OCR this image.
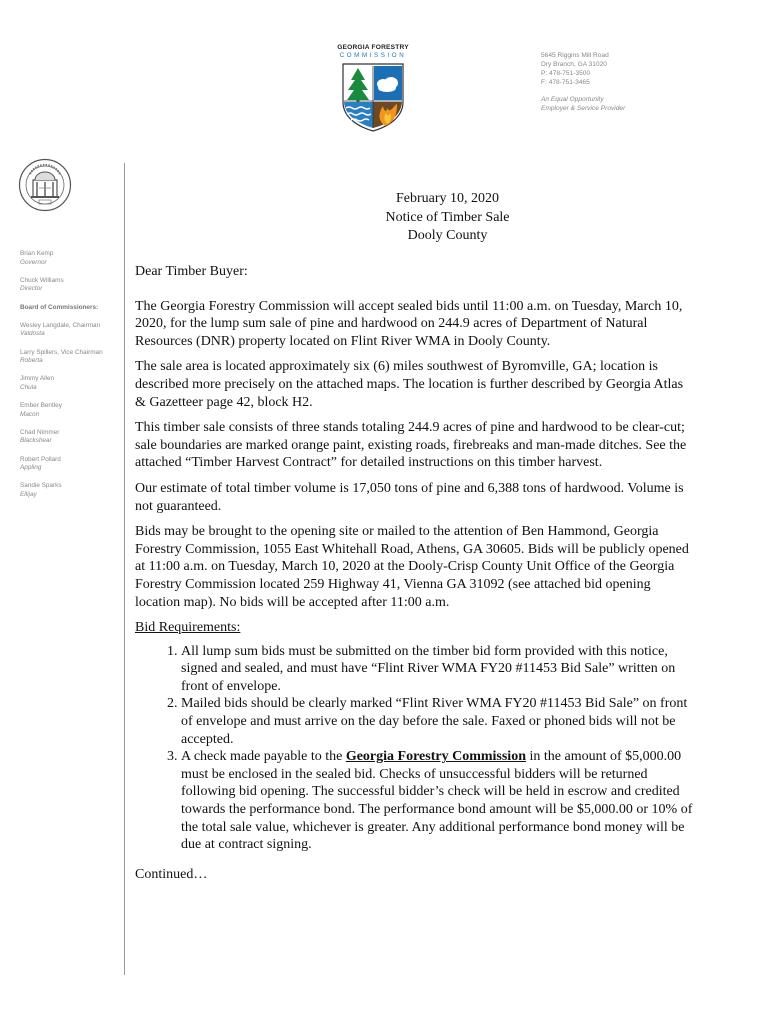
GEORGIA FORESTRY
COMMISSION	5645 Riggins Mill Road
Dry Branch, GA 31020
P: 478-751-3500
F: 478-751-3465
An Equal Opportunity
Employer & Service Provider
Brian Kemp
Governor
Chuck Williams
Director
Board of Commissioners:
Wesley Langdale, Chairman
Valdosta
Larry Spillers, Vice Chairman
Roberta
Jimmy Allen
Chula
Ember Bentley
Macon
Chad Nimmer
Blackshear
Robert Pollard
Appling
Sandie Sparks
Ellijay
February 10, 2020
Notice of Timber Sale
Dooly County

Dear Timber Buyer:

The Georgia Forestry Commission will accept sealed bids until 11:00 a.m. on Tuesday, March 10, 2020, for the lump sum sale of pine and hardwood on 244.9 acres of Department of Natural Resources (DNR) property located on Flint River WMA in Dooly County.

The sale area is located approximately six (6) miles southwest of Byromville, GA; location is described more precisely on the attached maps. The location is further described by Georgia Atlas & Gazetteer page 42, block H2.

This timber sale consists of three stands totaling 244.9 acres of pine and hardwood to be clear-cut; sale boundaries are marked orange paint, existing roads, firebreaks and man-made ditches. See the attached “Timber Harvest Contract” for detailed instructions on this timber harvest.

Our estimate of total timber volume is 17,050 tons of pine and 6,388 tons of hardwood. Volume is not guaranteed.

Bids may be brought to the opening site or mailed to the attention of Ben Hammond, Georgia Forestry Commission, 1055 East Whitehall Road, Athens, GA 30605. Bids will be publicly opened at 11:00 a.m. on Tuesday, March 10, 2020 at the Dooly-Crisp County Unit Office of the Georgia Forestry Commission located 259 Highway 41, Vienna GA 31092 (see attached bid opening location map). No bids will be accepted after 11:00 a.m.

Bid Requirements:

1. All lump sum bids must be submitted on the timber bid form provided with this notice, signed and sealed, and must have “Flint River WMA FY20 #11453 Bid Sale” written on front of envelope.
2. Mailed bids should be clearly marked “Flint River WMA FY20 #11453 Bid Sale” on front of envelope and must arrive on the day before the sale. Faxed or phoned bids will not be accepted.
3. A check made payable to the Georgia Forestry Commission in the amount of $5,000.00 must be enclosed in the sealed bid. Checks of unsuccessful bidders will be returned following bid opening. The successful bidder’s check will be held in escrow and credited towards the performance bond. The performance bond amount will be $5,000.00 or 10% of the total sale value, whichever is greater. Any additional performance bond money will be due at contract signing.

Continued…
